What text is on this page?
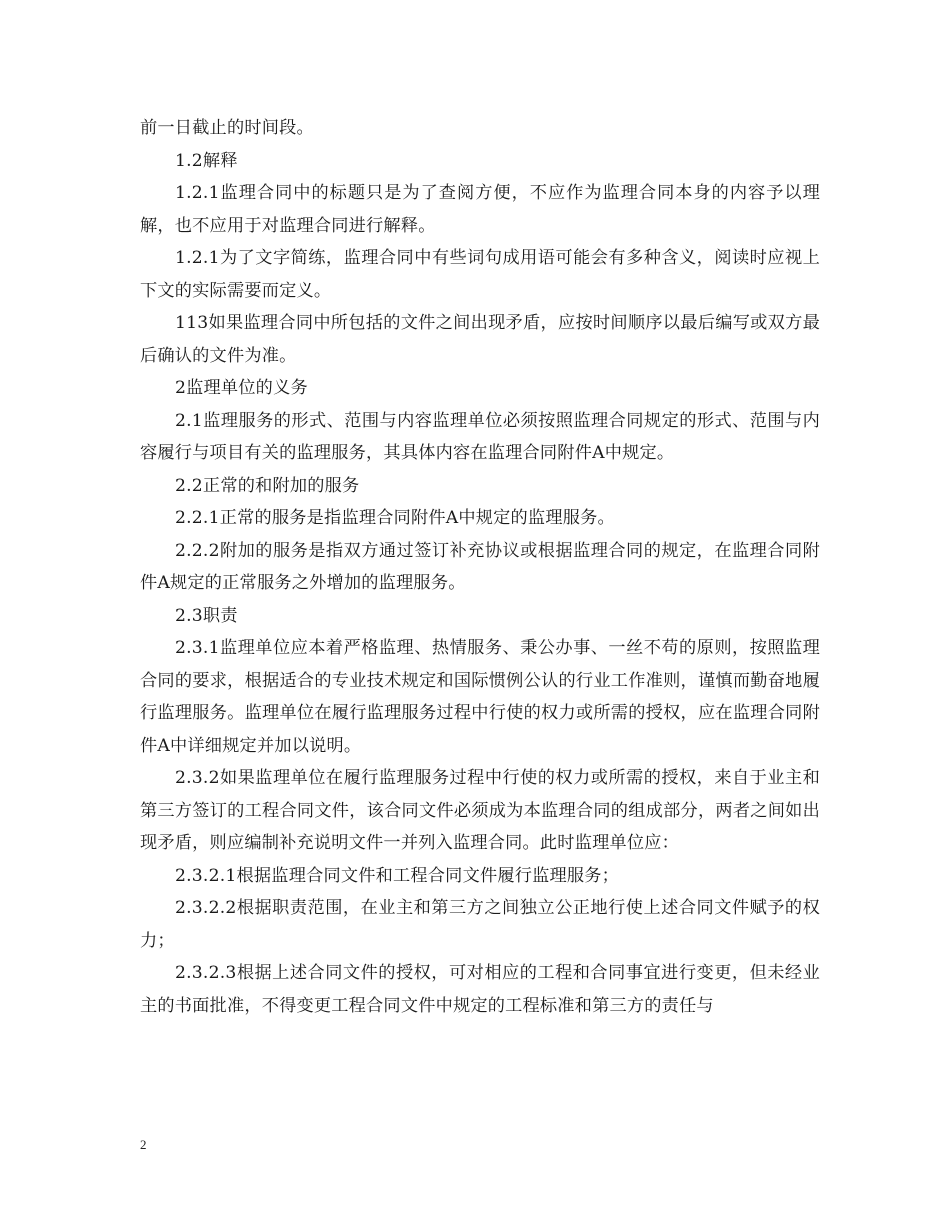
前一日截止的时间段。

1.2解释

1.2.1监理合同中的标题只是为了查阅方便，不应作为监理合同本身的内容予以理解，也不应用于对监理合同进行解释。

1.2.1为了文字简练，监理合同中有些词句成用语可能会有多种含义，阅读时应视上下文的实际需要而定义。

113如果监理合同中所包括的文件之间出现矛盾，应按时间顺序以最后编写或双方最后确认的文件为准。

2监理单位的义务

2.1监理服务的形式、范围与内容监理单位必须按照监理合同规定的形式、范围与内容履行与项目有关的监理服务，其具体内容在监理合同附件A中规定。

2.2正常的和附加的服务

2.2.1正常的服务是指监理合同附件A中规定的监理服务。

2.2.2附加的服务是指双方通过签订补充协议或根据监理合同的规定，在监理合同附件A规定的正常服务之外增加的监理服务。

2.3职责

2.3.1监理单位应本着严格监理、热情服务、秉公办事、一丝不苟的原则，按照监理合同的要求，根据适合的专业技术规定和国际惯例公认的行业工作准则，谨慎而勤奋地履行监理服务。监理单位在履行监理服务过程中行使的权力或所需的授权，应在监理合同附件A中详细规定并加以说明。

2.3.2如果监理单位在履行监理服务过程中行使的权力或所需的授权，来自于业主和第三方签订的工程合同文件，该合同文件必须成为本监理合同的组成部分，两者之间如出现矛盾，则应编制补充说明文件一并列入监理合同。此时监理单位应：

2.3.2.1根据监理合同文件和工程合同文件履行监理服务；

2.3.2.2根据职责范围，在业主和第三方之间独立公正地行使上述合同文件赋予的权力；

2.3.2.3根据上述合同文件的授权，可对相应的工程和合同事宜进行变更，但未经业主的书面批准，不得变更工程合同文件中规定的工程标准和第三方的责任与

2
